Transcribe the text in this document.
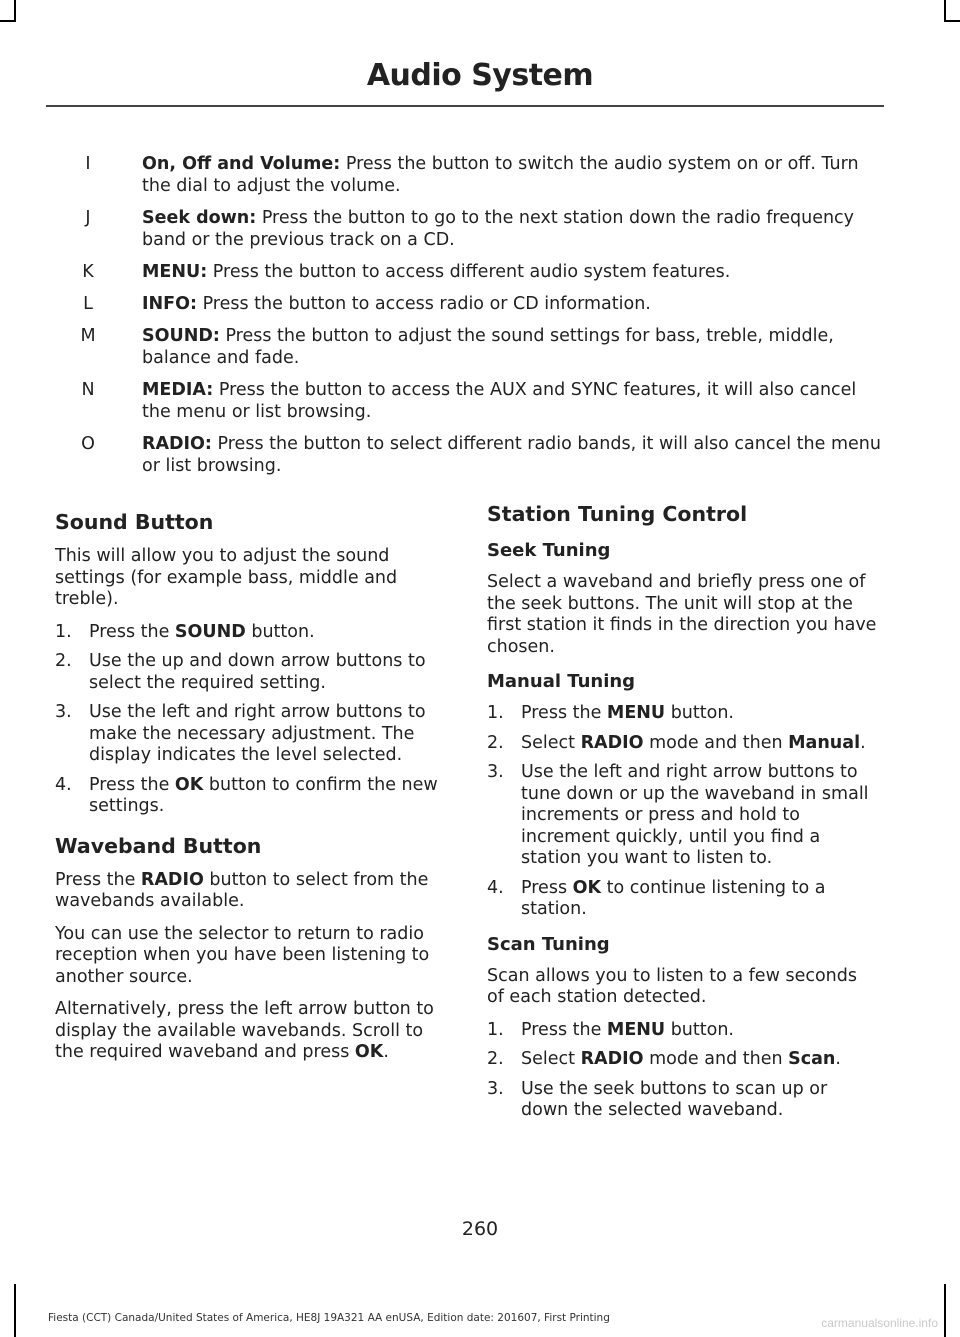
Audio System
I	On, Off and Volume: Press the button to switch the audio system on or off. Turn the dial to adjust the volume.
J	Seek down: Press the button to go to the next station down the radio frequency band or the previous track on a CD.
K	MENU: Press the button to access different audio system features.
L	INFO: Press the button to access radio or CD information.
M	SOUND: Press the button to adjust the sound settings for bass, treble, middle, balance and fade.
N	MEDIA: Press the button to access the AUX and SYNC features, it will also cancel the menu or list browsing.
O	RADIO: Press the button to select different radio bands, it will also cancel the menu or list browsing.
Sound Button

This will allow you to adjust the sound settings (for example bass, middle and treble).

1. Press the SOUND button.
2. Use the up and down arrow buttons to select the required setting.
3. Use the left and right arrow buttons to make the necessary adjustment. The display indicates the level selected.
4. Press the OK button to confirm the new settings.
Waveband Button

Press the RADIO button to select from the wavebands available.

You can use the selector to return to radio reception when you have been listening to another source.

Alternatively, press the left arrow button to display the available wavebands. Scroll to the required waveband and press OK.

Station Tuning Control
Seek Tuning

Select a waveband and briefly press one of the seek buttons. The unit will stop at the first station it finds in the direction you have chosen.

Manual Tuning
1. Press the MENU button.
2. Select RADIO mode and then Manual.
3. Use the left and right arrow buttons to tune down or up the waveband in small increments or press and hold to increment quickly, until you find a station you want to listen to.
4. Press OK to continue listening to a station.
Scan Tuning

Scan allows you to listen to a few seconds of each station detected.

1. Press the MENU button.
2. Select RADIO mode and then Scan.
3. Use the seek buttons to scan up or down the selected waveband.
260
Fiesta (CCT) Canada/United States of America, HE8J 19A321 AA enUSA, Edition date: 201607, First Printing	carmanualsonline.info
